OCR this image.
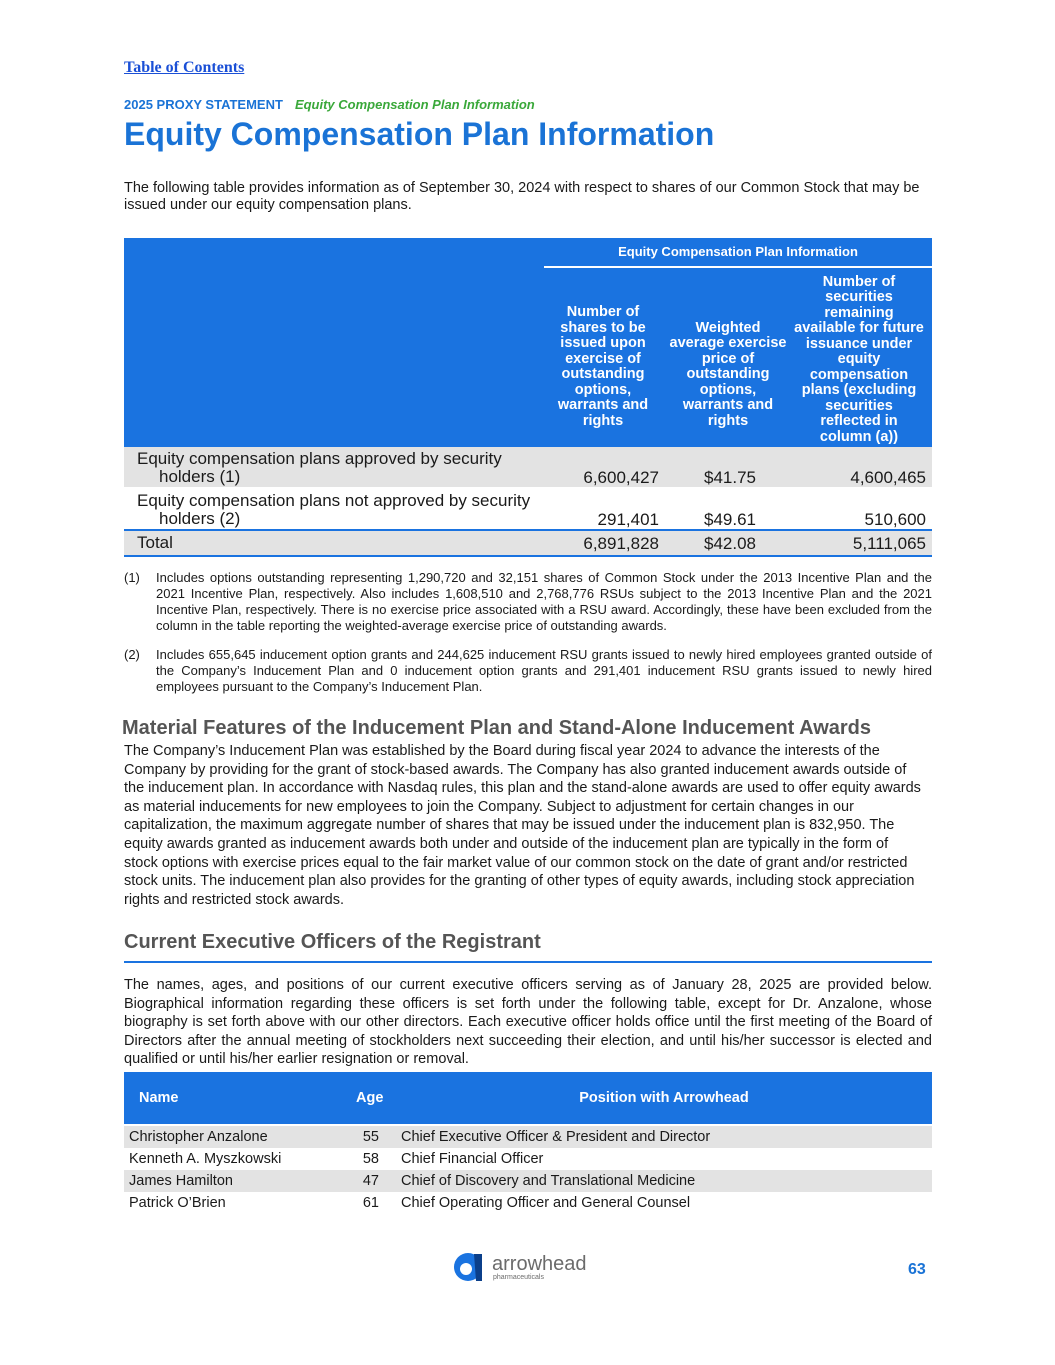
Table of Contents
2025 PROXY STATEMENT Equity Compensation Plan Information
Equity Compensation Plan Information

The following table provides information as of September 30, 2024 with respect to shares of our Common Stock that may be issued under our equity compensation plans.

Equity Compensation Plan Information
Number of shares to be issued upon exercise of outstanding options, warrants and rights
Weighted average exercise price of outstanding options, warrants and rights
Number of securities remaining available for future issuance under equity compensation plans (excluding securities reflected in column (a))
Equity compensation plans approved by security
holders (1)	6,600,427	$41.75	4,600,465
Equity compensation plans not approved by security
holders (2)	291,401	$49.61	510,600
Total	6,891,828	$42.08	5,111,065
(1) Includes options outstanding representing 1,290,720 and 32,151 shares of Common Stock under the 2013 Incentive Plan and the 2021 Incentive Plan, respectively. Also includes 1,608,510 and 2,768,776 RSUs subject to the 2013 Incentive Plan and the 2021 Incentive Plan, respectively. There is no exercise price associated with a RSU award. Accordingly, these have been excluded from the column in the table reporting the weighted-average exercise price of outstanding awards.
(2) Includes 655,645 inducement option grants and 244,625 inducement RSU grants issued to newly hired employees granted outside of the Company’s Inducement Plan and 0 inducement option grants and 291,401 inducement RSU grants issued to newly hired employees pursuant to the Company’s Inducement Plan.
Material Features of the Inducement Plan and Stand-Alone Inducement Awards

The Company’s Inducement Plan was established by the Board during fiscal year 2024 to advance the interests of the Company by providing for the grant of stock-based awards. The Company has also granted inducement awards outside of the inducement plan. In accordance with Nasdaq rules, this plan and the stand-alone awards are used to offer equity awards as material inducements for new employees to join the Company. Subject to adjustment for certain changes in our capitalization, the maximum aggregate number of shares that may be issued under the inducement plan is 832,950. The equity awards granted as inducement awards both under and outside of the inducement plan are typically in the form of stock options with exercise prices equal to the fair market value of our common stock on the date of grant and/or restricted stock units. The inducement plan also provides for the granting of other types of equity awards, including stock appreciation rights and restricted stock awards.

Current Executive Officers of the Registrant

The names, ages, and positions of our current executive officers serving as of January 28, 2025 are provided below. Biographical information regarding these officers is set forth under the following table, except for Dr. Anzalone, whose biography is set forth above with our other directors. Each executive officer holds office until the first meeting of the Board of Directors after the annual meeting of stockholders next succeeding their election, and until his/her successor is elected and qualified or until his/her earlier resignation or removal.

Name	Age	Position with Arrowhead
Christopher Anzalone	55 Chief Executive Officer & President and Director
Kenneth A. Myszkowski	58 Chief Financial Officer
James Hamilton	47 Chief of Discovery and Translational Medicine
Patrick O’Brien	61 Chief Operating Officer and General Counsel
arrowhead
pharmaceuticals	63
